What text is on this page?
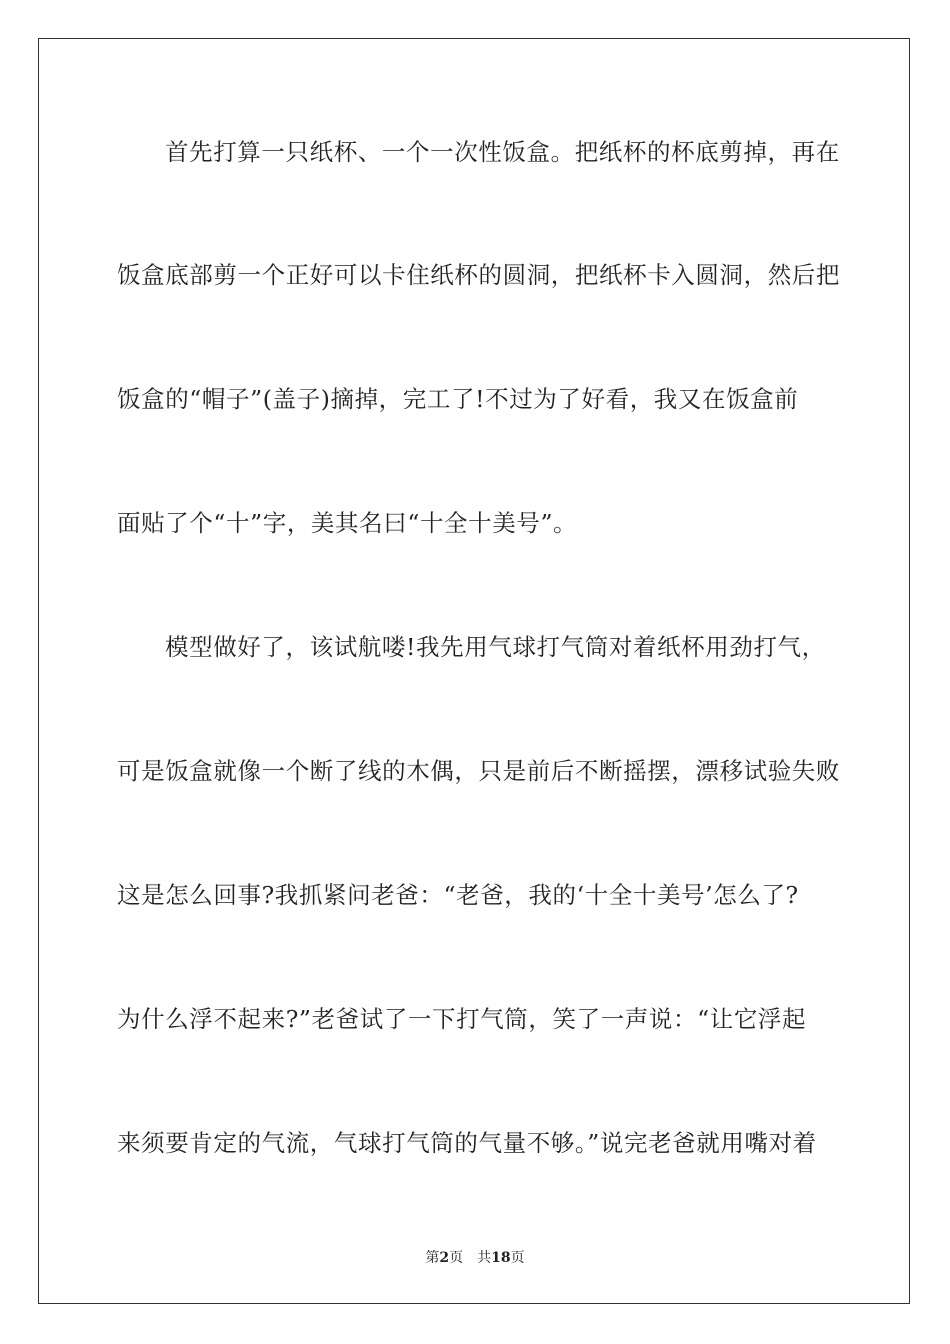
首先打算一只纸杯、一个一次性饭盒。把纸杯的杯底剪掉，再在
饭盒底部剪一个正好可以卡住纸杯的圆洞，把纸杯卡入圆洞，然后把
饭盒的“帽子”(盖子)摘掉，完工了!不过为了好看，我又在饭盒前
面贴了个“十”字，美其名曰“十全十美号”。
模型做好了，该试航喽!我先用气球打气筒对着纸杯用劲打气，
可是饭盒就像一个断了线的木偶，只是前后不断摇摆，漂移试验失败
这是怎么回事?我抓紧问老爸：“老爸，我的‘十全十美号’怎么了?
为什么浮不起来?”老爸试了一下打气筒，笑了一声说：“让它浮起
来须要肯定的气流，气球打气筒的气量不够。”说完老爸就用嘴对着
第2页 共18页
